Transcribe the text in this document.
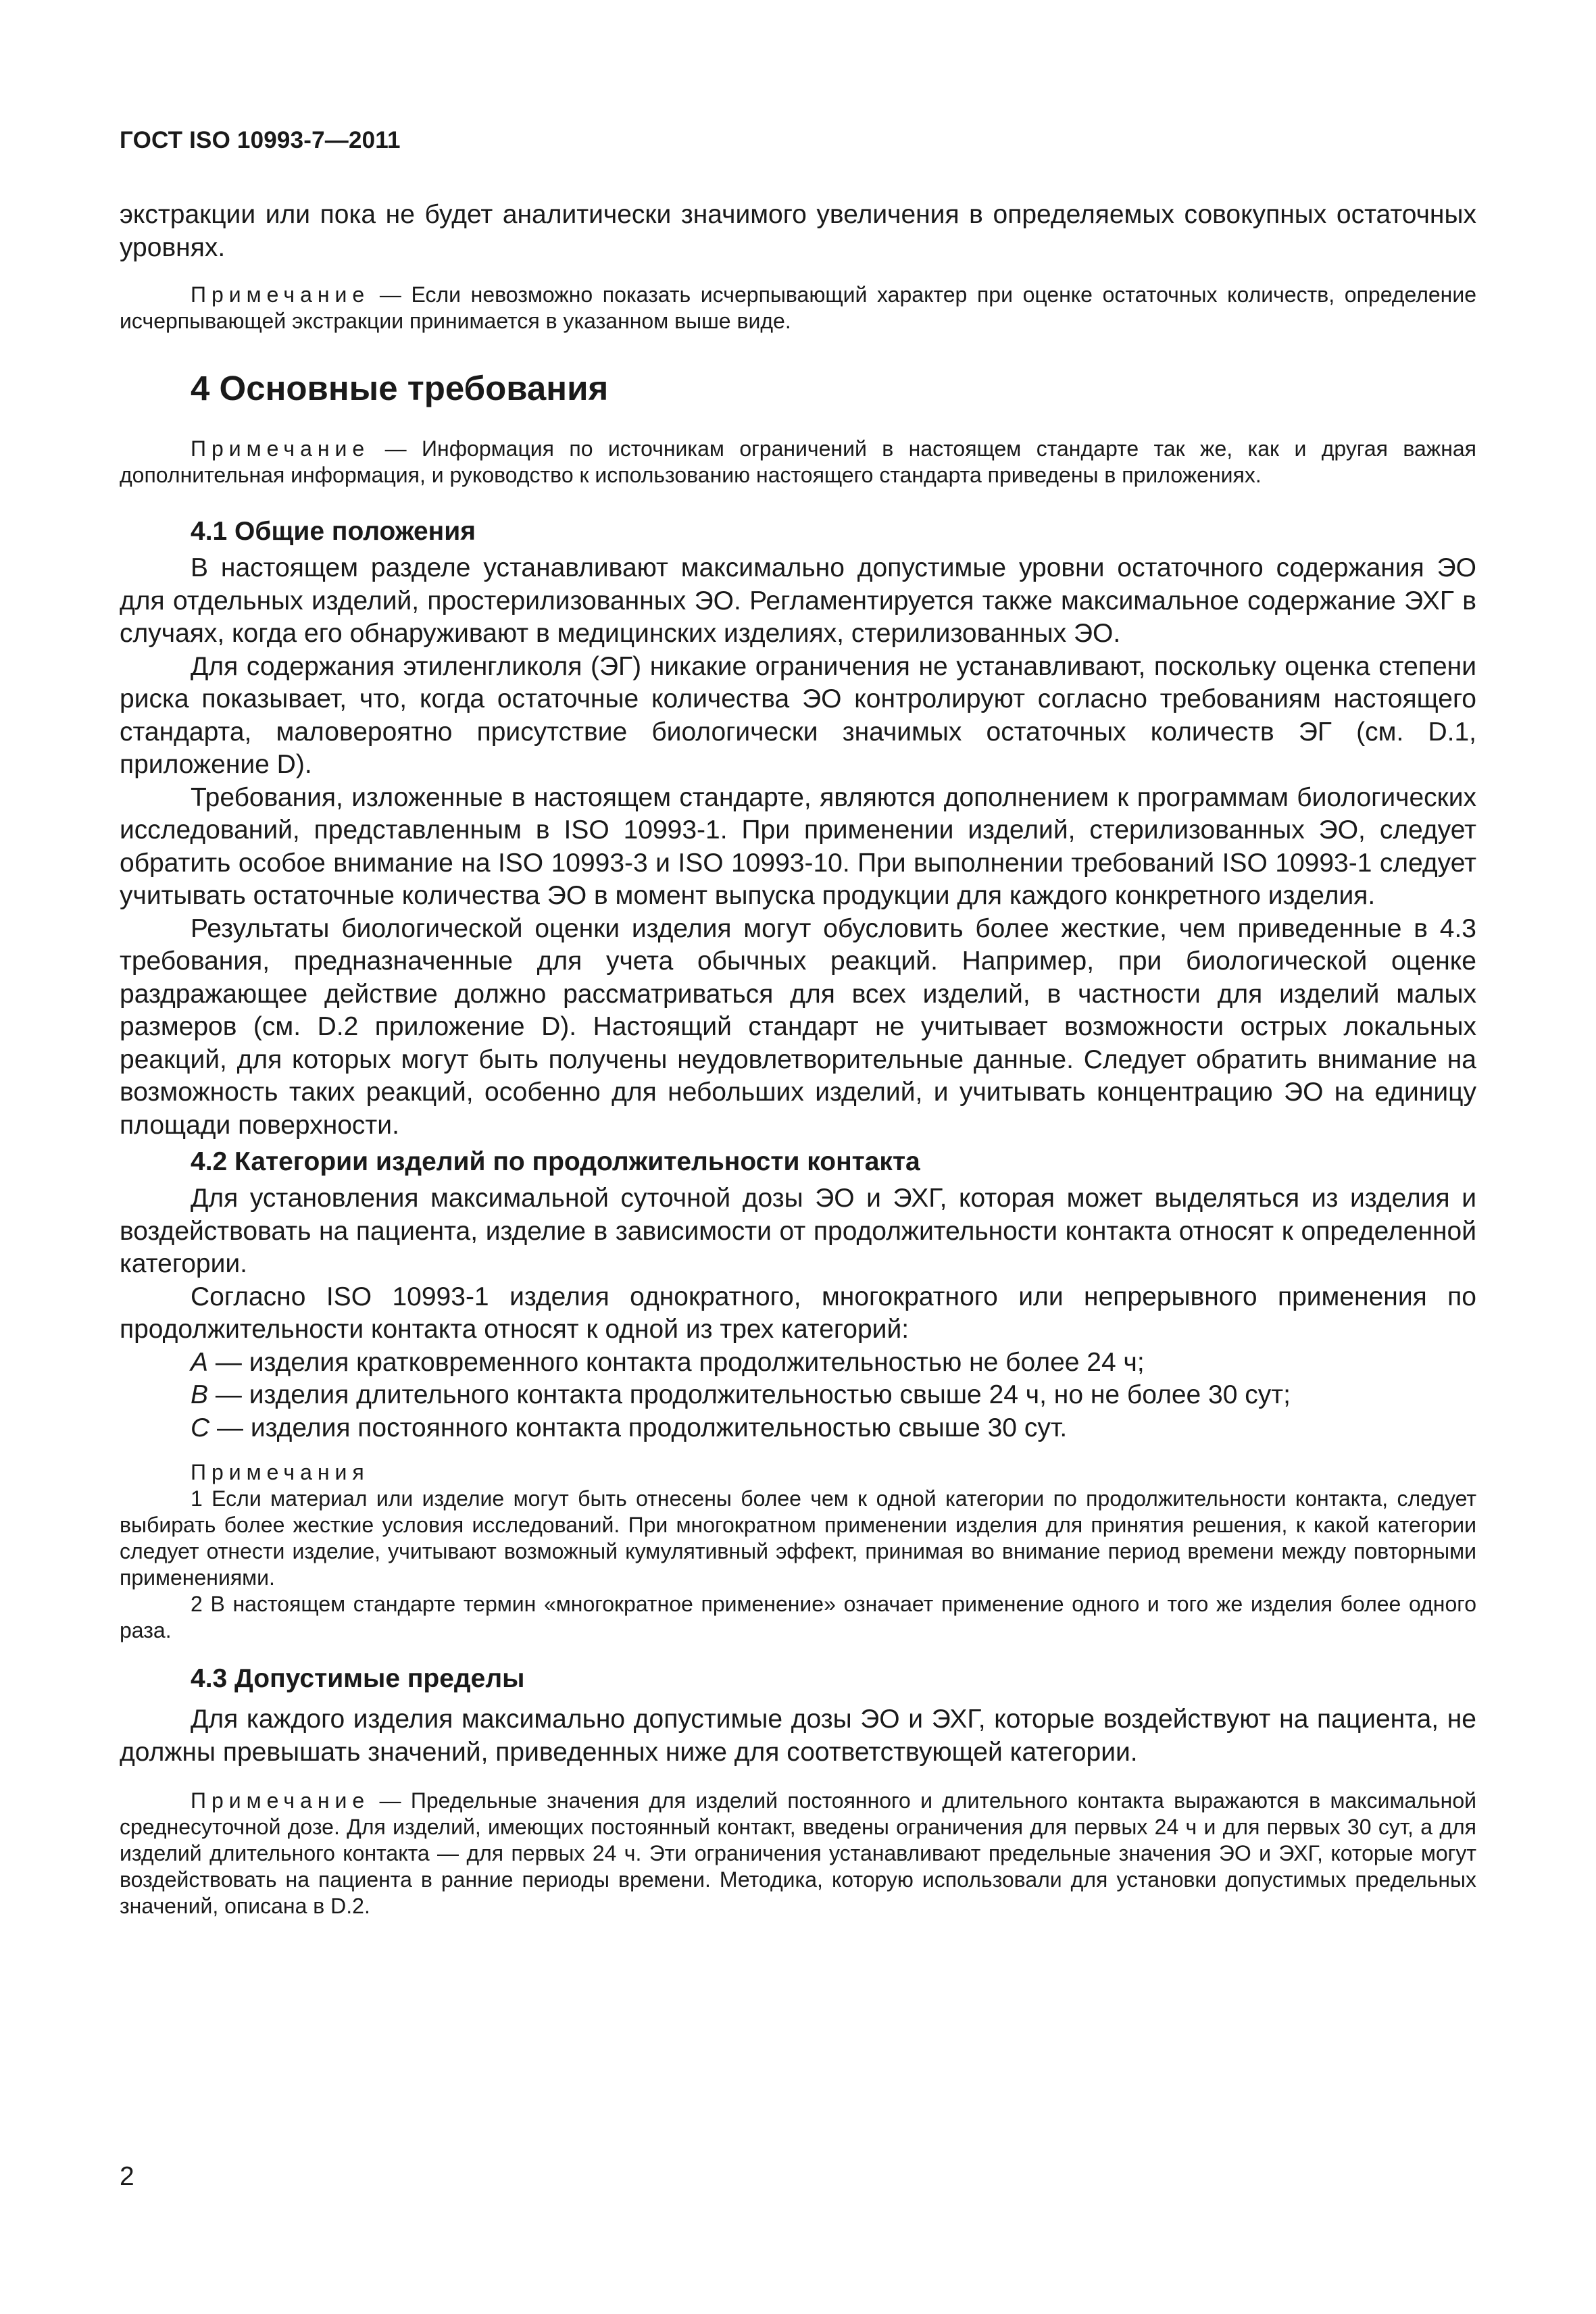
ГОСТ ISO 10993-7—2011

экстракции или пока не будет аналитически значимого увеличения в определяемых совокупных остаточных уровнях.

Примечание — Если невозможно показать исчерпывающий характер при оценке остаточных количеств, определение исчерпывающей экстракции принимается в указанном выше виде.

4 Основные требования

Примечание — Информация по источникам ограничений в настоящем стандарте так же, как и другая важная дополнительная информация, и руководство к использованию настоящего стандарта приведены в приложениях.

4.1 Общие положения

В настоящем разделе устанавливают максимально допустимые уровни остаточного содержания ЭО для отдельных изделий, простерилизованных ЭО. Регламентируется также максимальное содержание ЭХГ в случаях, когда его обнаруживают в медицинских изделиях, стерилизованных ЭО.

Для содержания этиленгликоля (ЭГ) никакие ограничения не устанавливают, поскольку оценка степени риска показывает, что, когда остаточные количества ЭО контролируют согласно требованиям настоящего стандарта, маловероятно присутствие биологически значимых остаточных количеств ЭГ (см. D.1, приложение D).

Требования, изложенные в настоящем стандарте, являются дополнением к программам биологических исследований, представленным в ISO 10993-1. При применении изделий, стерилизованных ЭО, следует обратить особое внимание на ISO 10993-3 и ISO 10993-10. При выполнении требований ISO 10993-1 следует учитывать остаточные количества ЭО в момент выпуска продукции для каждого конкретного изделия.

Результаты биологической оценки изделия могут обусловить более жесткие, чем приведенные в 4.3 требования, предназначенные для учета обычных реакций. Например, при биологической оценке раздражающее действие должно рассматриваться для всех изделий, в частности для изделий малых размеров (см. D.2 приложение D). Настоящий стандарт не учитывает возможности острых локальных реакций, для которых могут быть получены неудовлетворительные данные. Следует обратить внимание на возможность таких реакций, особенно для небольших изделий, и учитывать концентрацию ЭО на единицу площади поверхности.

4.2 Категории изделий по продолжительности контакта

Для установления максимальной суточной дозы ЭО и ЭХГ, которая может выделяться из изделия и воздействовать на пациента, изделие в зависимости от продолжительности контакта относят к определенной категории.

Согласно ISO 10993-1 изделия однократного, многократного или непрерывного применения по продолжительности контакта относят к одной из трех категорий:

A — изделия кратковременного контакта продолжительностью не более 24 ч;

B — изделия длительного контакта продолжительностью свыше 24 ч, но не более 30 сут;

C — изделия постоянного контакта продолжительностью свыше 30 сут.

Примечания

1 Если материал или изделие могут быть отнесены более чем к одной категории по продолжительности контакта, следует выбирать более жесткие условия исследований. При многократном применении изделия для принятия решения, к какой категории следует отнести изделие, учитывают возможный кумулятивный эффект, принимая во внимание период времени между повторными применениями.

2 В настоящем стандарте термин «многократное применение» означает применение одного и того же изделия более одного раза.

4.3 Допустимые пределы

Для каждого изделия максимально допустимые дозы ЭО и ЭХГ, которые воздействуют на пациента, не должны превышать значений, приведенных ниже для соответствующей категории.

Примечание — Предельные значения для изделий постоянного и длительного контакта выражаются в максимальной среднесуточной дозе. Для изделий, имеющих постоянный контакт, введены ограничения для первых 24 ч и для первых 30 сут, а для изделий длительного контакта — для первых 24 ч. Эти ограничения устанавливают предельные значения ЭО и ЭХГ, которые могут воздействовать на пациента в ранние периоды времени. Методика, которую использовали для установки допустимых предельных значений, описана в D.2.

2
